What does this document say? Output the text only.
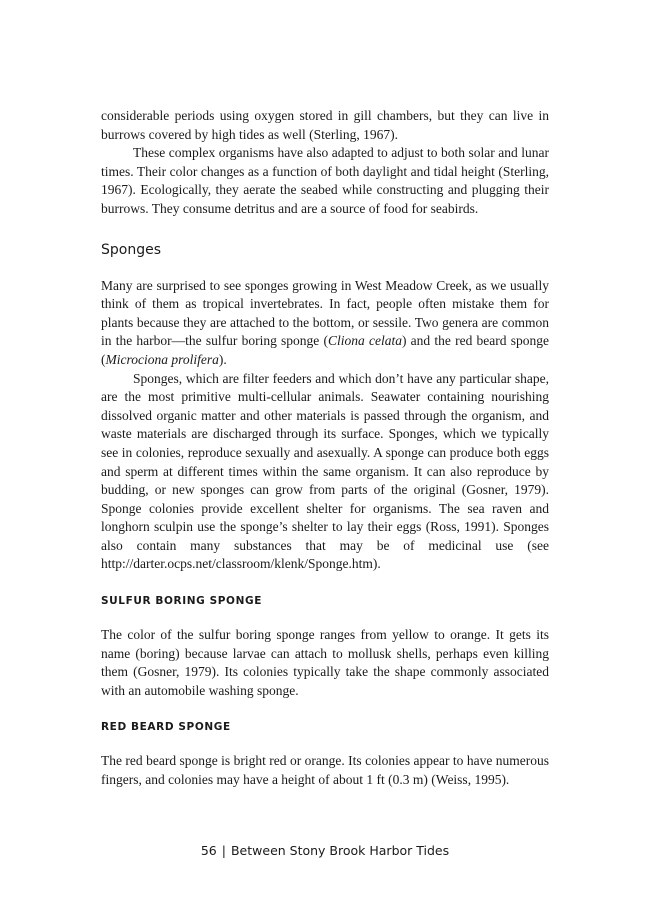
considerable periods using oxygen stored in gill chambers, but they can live in burrows covered by high tides as well (Sterling, 1967).

These complex organisms have also adapted to adjust to both solar and lunar times. Their color changes as a function of both daylight and tidal height (Sterling, 1967). Ecologically, they aerate the seabed while constructing and plugging their burrows. They consume detritus and are a source of food for seabirds.

Sponges

Many are surprised to see sponges growing in West Meadow Creek, as we usually think of them as tropical invertebrates. In fact, people often mistake them for plants because they are attached to the bottom, or sessile. Two genera are common in the harbor—the sulfur boring sponge (Cliona celata) and the red beard sponge (Microciona prolifera).

Sponges, which are filter feeders and which don’t have any particular shape, are the most primitive multi-cellular animals. Seawater containing nourishing dissolved organic matter and other materials is passed through the organism, and waste materials are discharged through its surface. Sponges, which we typically see in colonies, reproduce sexually and asexually. A sponge can produce both eggs and sperm at different times within the same organism. It can also reproduce by budding, or new sponges can grow from parts of the original (Gosner, 1979). Sponge colonies provide excellent shelter for organisms. The sea raven and longhorn sculpin use the sponge’s shelter to lay their eggs (Ross, 1991). Sponges also contain many substances that may be of medicinal use (see http://darter.ocps.net/classroom/klenk/Sponge.htm).

SULFUR BORING SPONGE

The color of the sulfur boring sponge ranges from yellow to orange. It gets its name (boring) because larvae can attach to mollusk shells, perhaps even killing them (Gosner, 1979). Its colonies typically take the shape commonly associated with an automobile washing sponge.

RED BEARD SPONGE

The red beard sponge is bright red or orange. Its colonies appear to have numerous fingers, and colonies may have a height of about 1 ft (0.3 m) (Weiss, 1995).

56 | Between Stony Brook Harbor Tides
